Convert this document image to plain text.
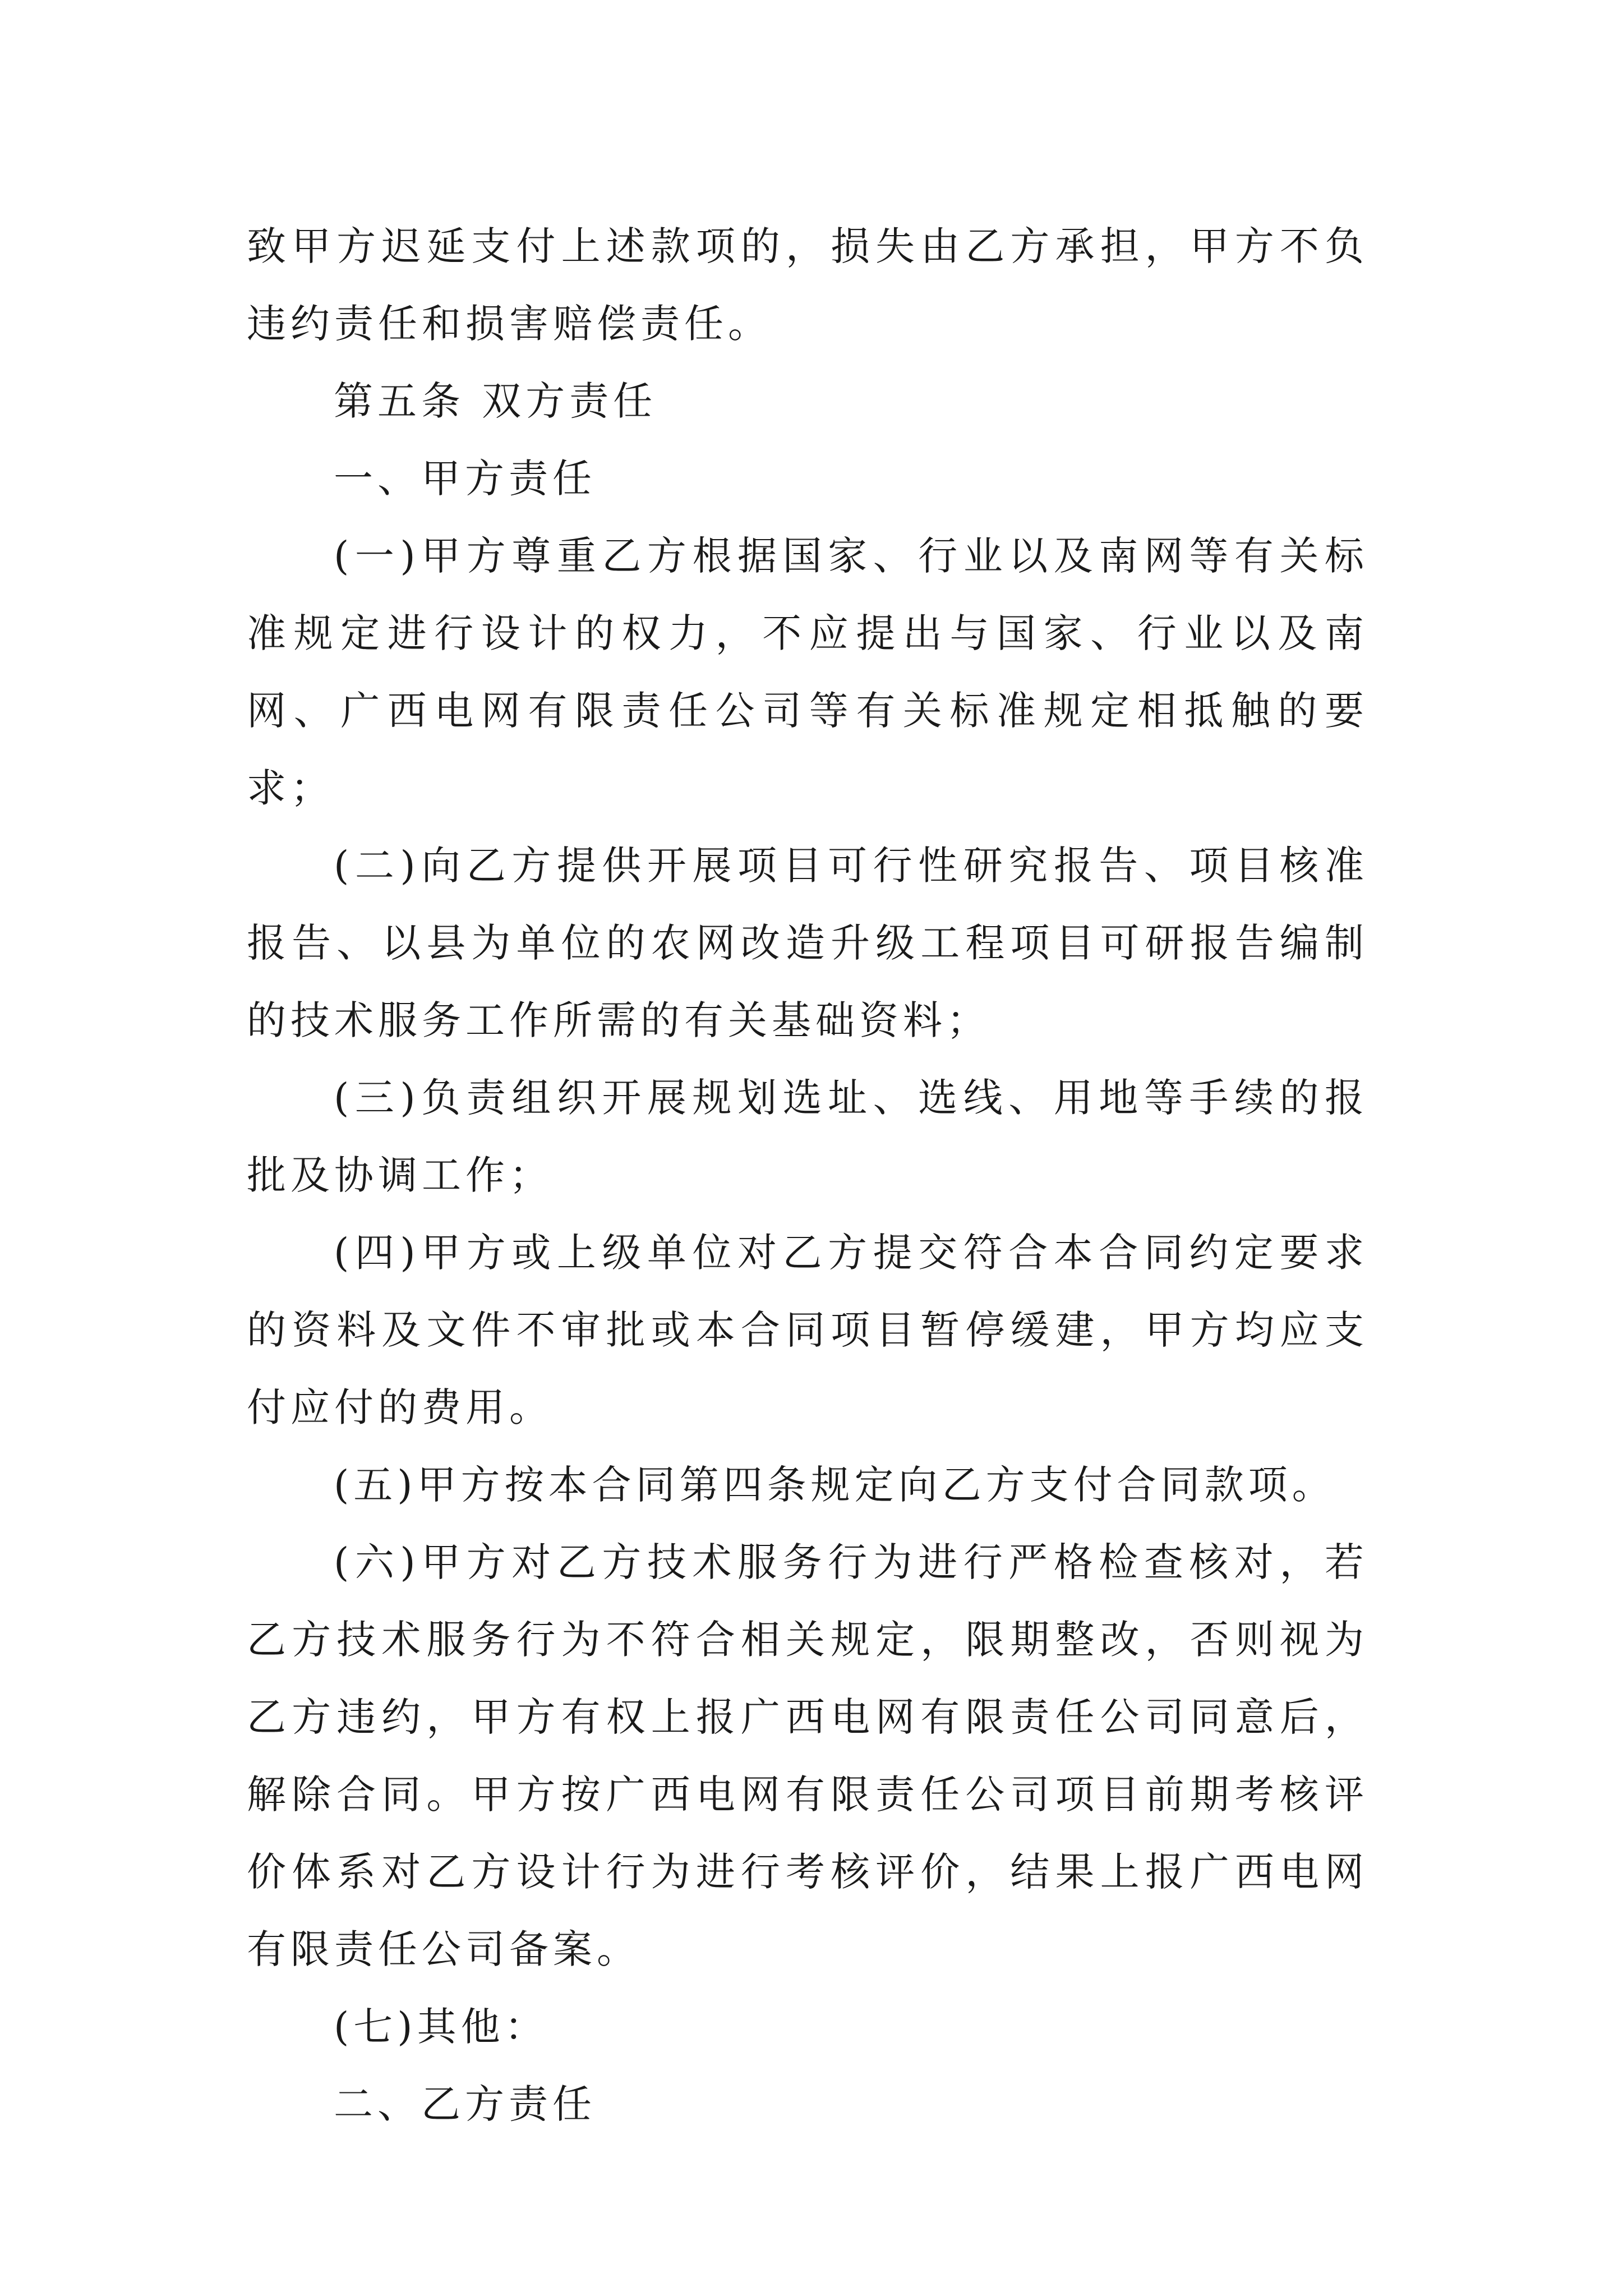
致甲方迟延支付上述款项的，损失由乙方承担，甲方不负违约责任和损害赔偿责任。

第五条 双方责任

一、甲方责任

(一)甲方尊重乙方根据国家、行业以及南网等有关标准规定进行设计的权力，不应提出与国家、行业以及南网、广西电网有限责任公司等有关标准规定相抵触的要求；

(二)向乙方提供开展项目可行性研究报告、项目核准报告、以县为单位的农网改造升级工程项目可研报告编制的技术服务工作所需的有关基础资料；

(三)负责组织开展规划选址、选线、用地等手续的报批及协调工作；

(四)甲方或上级单位对乙方提交符合本合同约定要求的资料及文件不审批或本合同项目暂停缓建，甲方均应支付应付的费用。

(五)甲方按本合同第四条规定向乙方支付合同款项。

(六)甲方对乙方技术服务行为进行严格检查核对，若乙方技术服务行为不符合相关规定，限期整改，否则视为乙方违约，甲方有权上报广西电网有限责任公司同意后，解除合同。甲方按广西电网有限责任公司项目前期考核评价体系对乙方设计行为进行考核评价，结果上报广西电网有限责任公司备案。

(七)其他：

二、乙方责任
